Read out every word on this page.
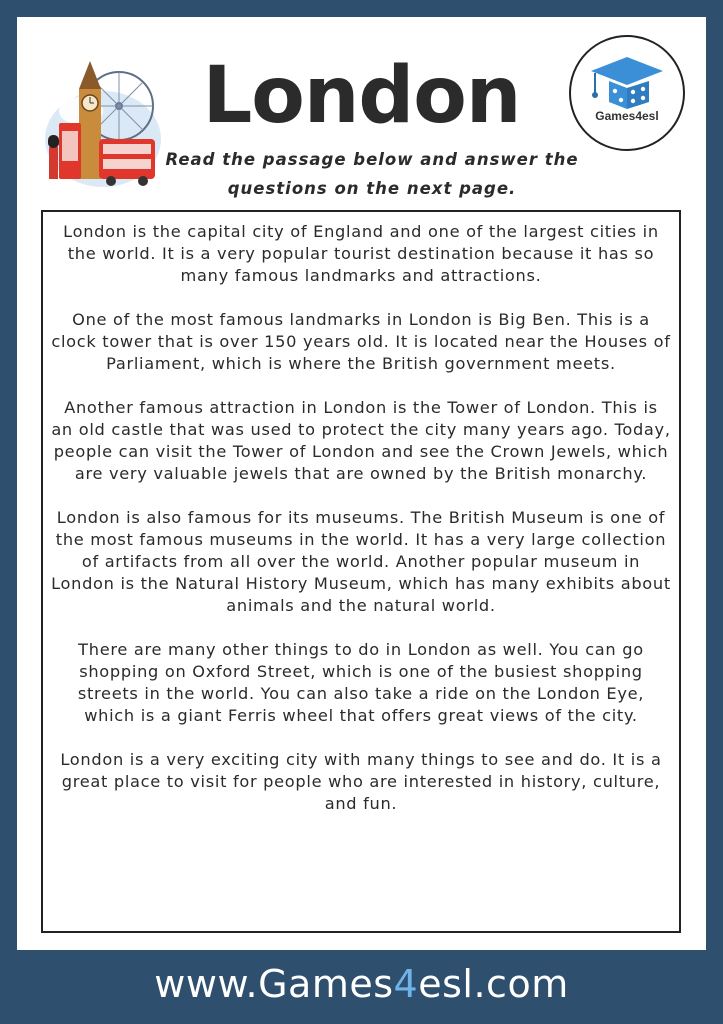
London
Read the passage below and answer the
questions on the next page.
Games4esl

London is the capital city of England and one of the largest cities in the world. It is a very popular tourist destination because it has so many famous landmarks and attractions.

One of the most famous landmarks in London is Big Ben. This is a clock tower that is over 150 years old. It is located near the Houses of Parliament, which is where the British government meets.

Another famous attraction in London is the Tower of London. This is an old castle that was used to protect the city many years ago. Today, people can visit the Tower of London and see the Crown Jewels, which are very valuable jewels that are owned by the British monarchy.

London is also famous for its museums. The British Museum is one of the most famous museums in the world. It has a very large collection of artifacts from all over the world. Another popular museum in London is the Natural History Museum, which has many exhibits about animals and the natural world.

There are many other things to do in London as well. You can go shopping on Oxford Street, which is one of the busiest shopping streets in the world. You can also take a ride on the London Eye, which is a giant Ferris wheel that offers great views of the city.

London is a very exciting city with many things to see and do. It is a great place to visit for people who are interested in history, culture, and fun.

www.Games4esl.com
